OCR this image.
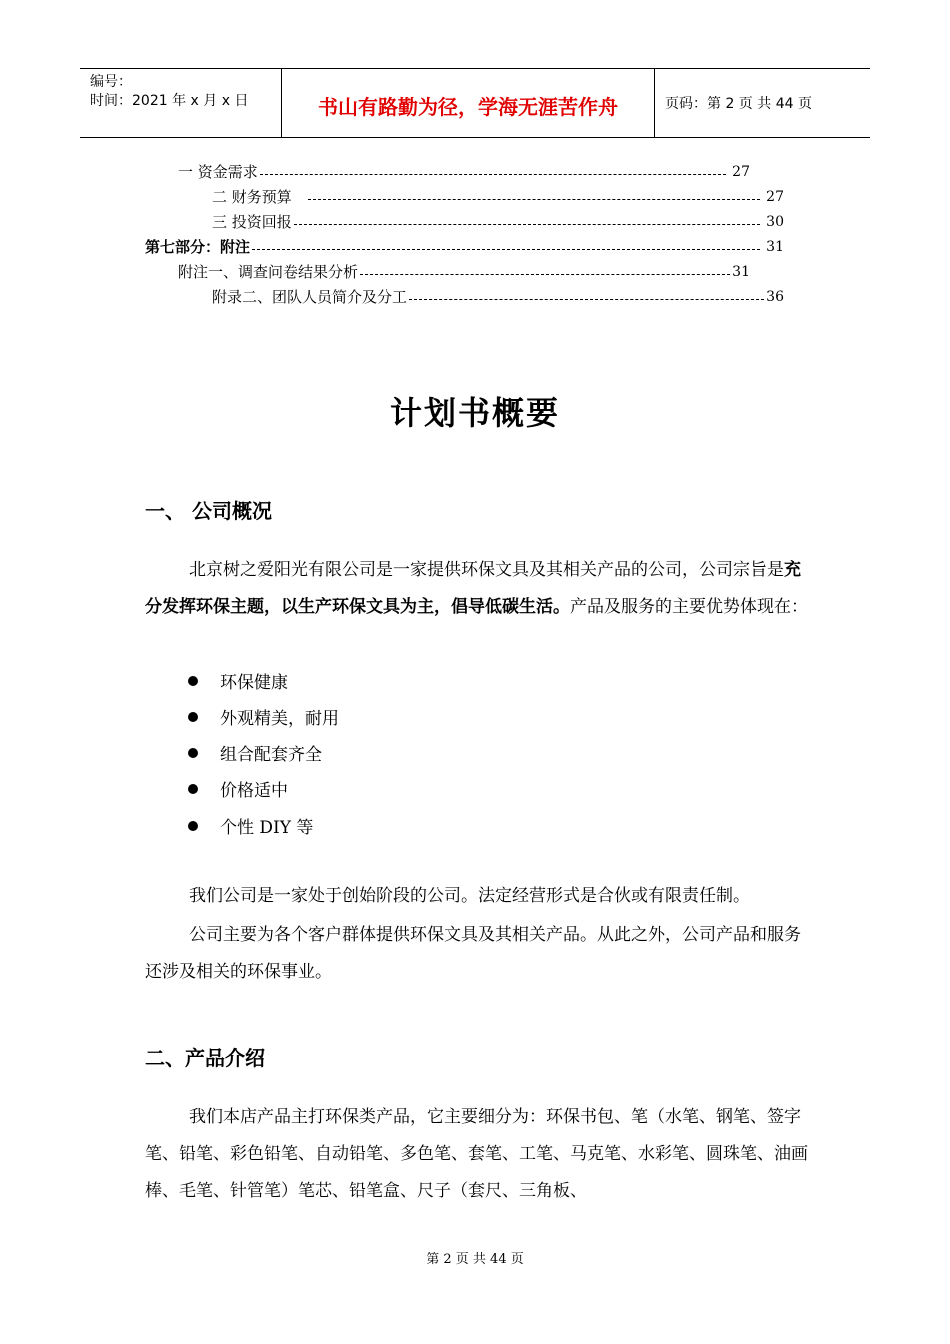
编号：
时间：2021 年 x 月 x 日	书山有路勤为径，学海无涯苦作舟	页码：第 2 页 共 44 页
一 资金需求	27
二 财务预算	27
三 投资回报	30
第七部分：附注	31
附注一、调查问卷结果分析	31
附录二、团队人员简介及分工	36
计划书概要
一、 公司概况
北京树之爱阳光有限公司是一家提供环保文具及其相关产品的公司，公司宗旨是充分发挥环保主题，以生产环保文具为主，倡导低碳生活。产品及服务的主要优势体现在：
环保健康
外观精美，耐用
组合配套齐全
价格适中
个性 DIY 等
我们公司是一家处于创始阶段的公司。法定经营形式是合伙或有限责任制。
公司主要为各个客户群体提供环保文具及其相关产品。从此之外，公司产品和服务还涉及相关的环保事业。
二、产品介绍
我们本店产品主打环保类产品，它主要细分为：环保书包、笔（水笔、钢笔、签字笔、铅笔、彩色铅笔、自动铅笔、多色笔、套笔、工笔、马克笔、水彩笔、圆珠笔、油画棒、毛笔、针管笔）笔芯、铅笔盒、尺子（套尺、三角板、
第 2 页 共 44 页
